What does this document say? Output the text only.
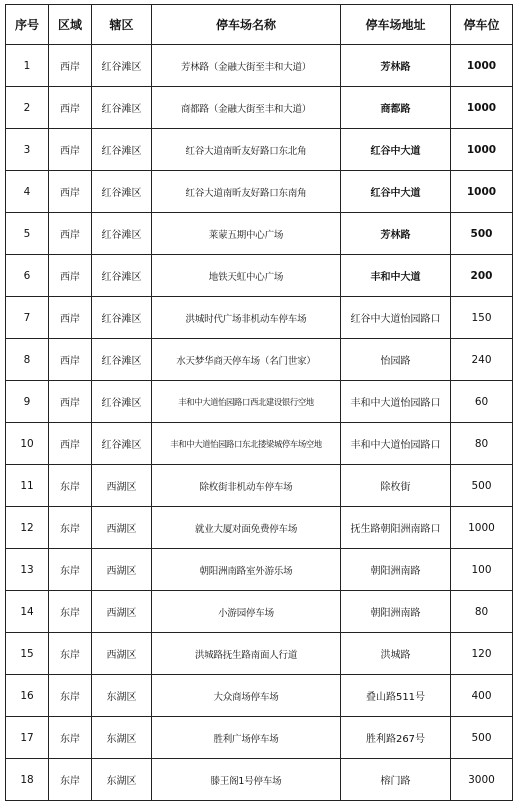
序号	区域	辖区	停车场名称	停车场地址	停车位
1	西岸	红谷滩区	芳林路（金融大街至丰和大道）	芳林路	1000
2	西岸	红谷滩区	商都路（金融大街至丰和大道）	商都路	1000
3	西岸	红谷滩区	红谷大道南昕友好路口东北角	红谷中大道	1000
4	西岸	红谷滩区	红谷大道南昕友好路口东南角	红谷中大道	1000
5	西岸	红谷滩区	莱蒙五期中心广场	芳林路	500
6	西岸	红谷滩区	地铁天虹中心广场	丰和中大道	200
7	西岸	红谷滩区	洪城时代广场非机动车停车场	红谷中大道怡园路口	150
8	西岸	红谷滩区	水天梦华商天停车场（名门世家）	怡园路	240
9	西岸	红谷滩区	丰和中大道怡园路口西北建设银行空地	丰和中大道怡园路口	60
10	西岸	红谷滩区	丰和中大道怡园路口东北搂梁城停车场空地	丰和中大道怡园路口	80
11	东岸	西湖区	除枚街非机动车停车场	除枚街	500
12	东岸	西湖区	就业大厦对面免费停车场	抚生路朝阳洲南路口	1000
13	东岸	西湖区	朝阳洲南路室外游乐场	朝阳洲南路	100
14	东岸	西湖区	小游园停车场	朝阳洲南路	80
15	东岸	西湖区	洪城路抚生路南面人行道	洪城路	120
16	东岸	东湖区	大众商场停车场	叠山路511号	400
17	东岸	东湖区	胜利广场停车场	胜利路267号	500
18	东岸	东湖区	滕王阁1号停车场	榕门路	3000
